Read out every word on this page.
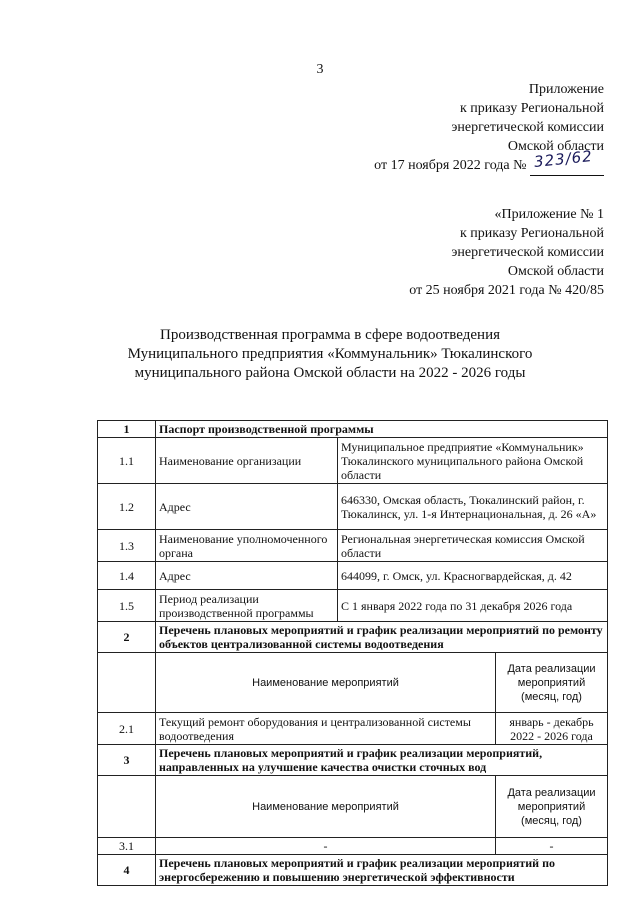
3
Приложение
к приказу Региональной
энергетической комиссии
Омской области
от 17 ноября 2022 года № 323/62
«Приложение № 1
к приказу Региональной
энергетической комиссии
Омской области
от 25 ноября 2021 года № 420/85
Производственная программа в сфере водоотведения
Муниципального предприятия «Коммунальник» Тюкалинского
муниципального района Омской области на 2022 - 2026 годы
1	Паспорт производственной программы		
1.1	Наименование организации	Муниципальное предприятие «Коммунальник» Тюкалинского муниципального района Омской области	
1.2	Адрес	646330, Омская область, Тюкалинский район, г. Тюкалинск, ул. 1-я Интернациональная, д. 26 «А»	
1.3	Наименование уполномоченного органа	Региональная энергетическая комиссия Омской области	
1.4	Адрес	644099, г. Омск, ул. Красногвардейская, д. 42	
1.5	Период реализации производственной программы	С 1 января 2022 года по 31 декабря 2026 года	
2	Перечень плановых мероприятий и график реализации мероприятий по ремонту объектов централизованной системы водоотведения		
	Наименование мероприятий		Дата реализации мероприятий (месяц, год)
2.1	Текущий ремонт оборудования и централизованной системы водоотведения		январь - декабрь 2022 - 2026 года
3	Перечень плановых мероприятий и график реализации мероприятий, направленных на улучшение качества очистки сточных вод		
	Наименование мероприятий		Дата реализации мероприятий (месяц, год)
3.1	-		-
4	Перечень плановых мероприятий и график реализации мероприятий по энергосбережению и повышению энергетической эффективности		
